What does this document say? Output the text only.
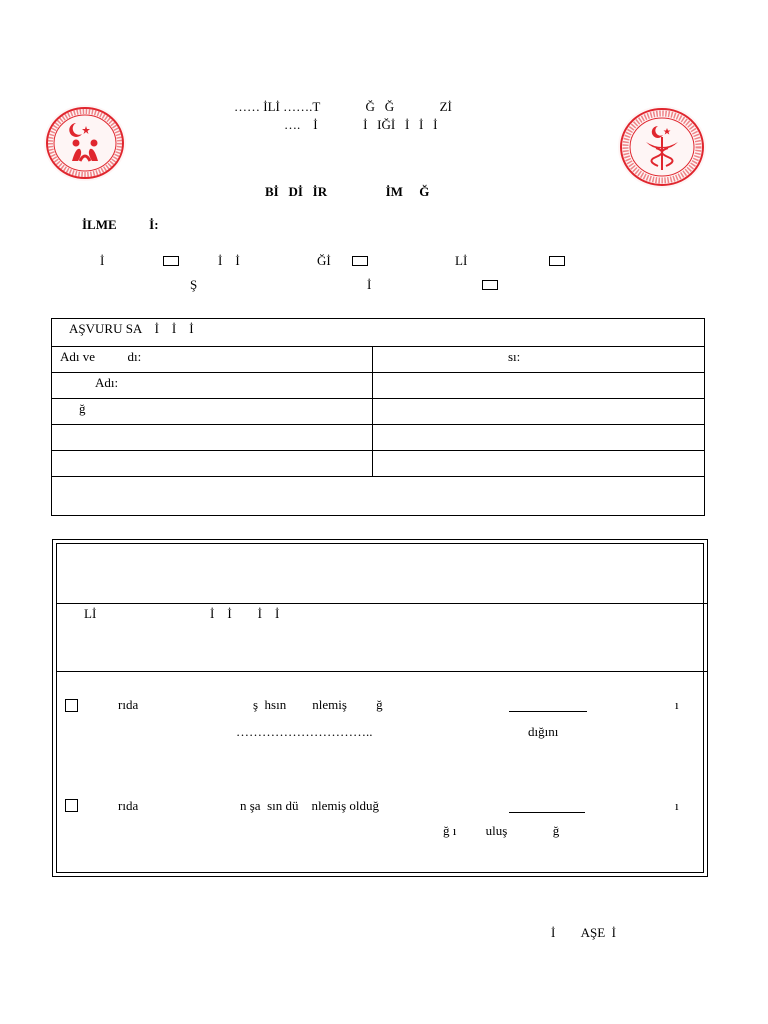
…… İLİ …….T              Ğ   Ğ              Zİ
….    İ              İ   IĞİ   İ   İ   İ
Bİ   Dİ   İR                  İM     Ğ
İLME          İ:
İ	İ    İ	Ğİ	Lİ
Ş	İ
AŞVURU SA    İ    İ    İ
Adı ve          dı:	sı:
Adı:
ğ
Lİ                                   İ    İ        İ    İ
rıda	ş  hsın        nlemiş         ğ	ı
…………………………..	dığını
rıda	n şa  sın dü    nlemiş olduğ	ı
ğ ı         uluş              ğ
İ        AŞE  İ
